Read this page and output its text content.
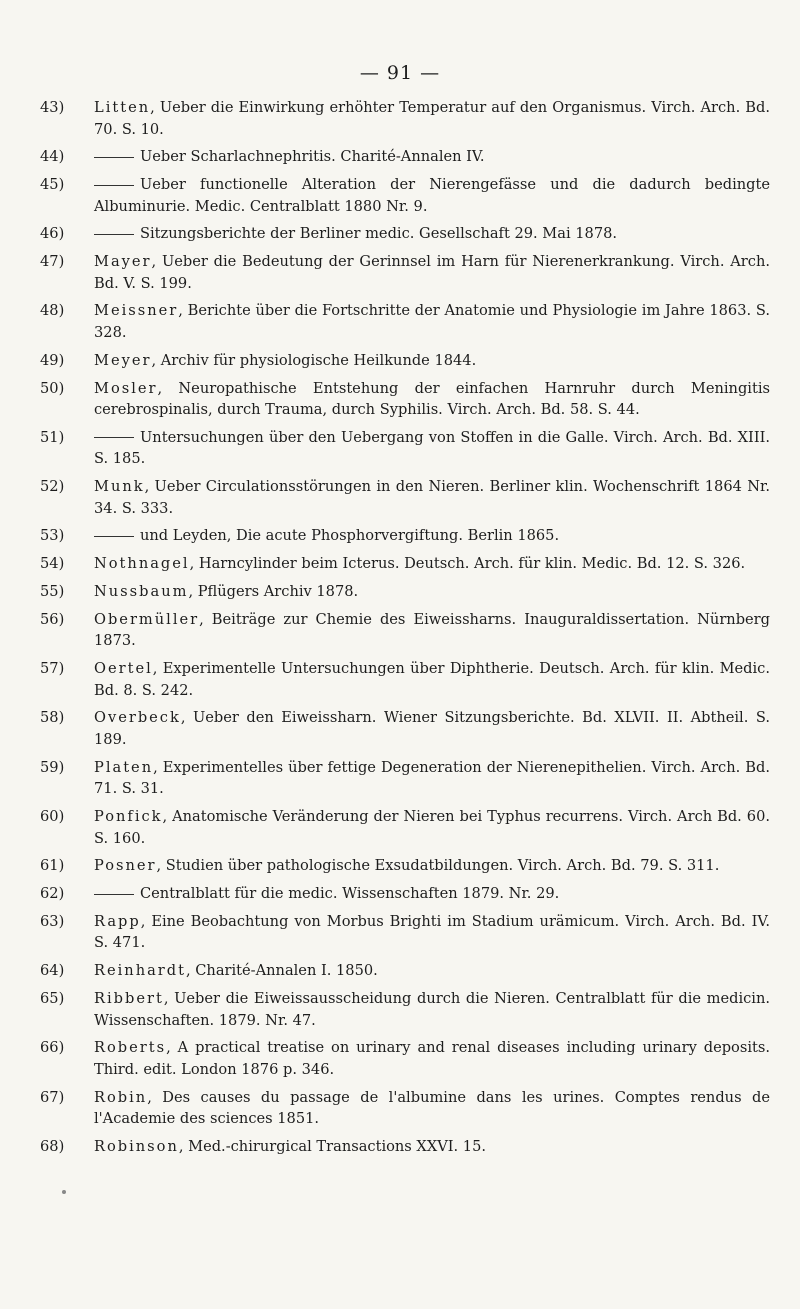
— 91 —
43) Litten, Ueber die Einwirkung erhöhter Temperatur auf den Organismus. Virch. Arch. Bd. 70. S. 10.
44)	Ueber Scharlachnephritis. Charité-Annalen IV.
45)	Ueber functionelle Alteration der Nierengefässe und die dadurch bedingte Albuminurie. Medic. Centralblatt 1880 Nr. 9.
46)	Sitzungsberichte der Berliner medic. Gesellschaft 29. Mai 1878.
47) Mayer, Ueber die Bedeutung der Gerinnsel im Harn für Nierenerkrankung. Virch. Arch. Bd. V. S. 199.
48) Meissner, Berichte über die Fortschritte der Anatomie und Physiologie im Jahre 1863. S. 328.
49) Meyer, Archiv für physiologische Heilkunde 1844.
50) Mosler, Neuropathische Entstehung der einfachen Harnruhr durch Meningitis cerebrospinalis, durch Trauma, durch Syphilis. Virch. Arch. Bd. 58. S. 44.
51)	Untersuchungen über den Uebergang von Stoffen in die Galle. Virch. Arch. Bd. XIII. S. 185.
52) Munk, Ueber Circulationsstörungen in den Nieren. Berliner klin. Wochenschrift 1864 Nr. 34. S. 333.
53)	und Leyden, Die acute Phosphorvergiftung. Berlin 1865.
54) Nothnagel, Harncylinder beim Icterus. Deutsch. Arch. für klin. Medic. Bd. 12. S. 326.
55) Nussbaum, Pflügers Archiv 1878.
56) Obermüller, Beiträge zur Chemie des Eiweissharns. Inauguraldissertation. Nürnberg 1873.
57) Oertel, Experimentelle Untersuchungen über Diphtherie. Deutsch. Arch. für klin. Medic. Bd. 8. S. 242.
58) Overbeck, Ueber den Eiweissharn. Wiener Sitzungsberichte. Bd. XLVII. II. Abtheil. S. 189.
59) Platen, Experimentelles über fettige Degeneration der Nierenepithelien. Virch. Arch. Bd. 71. S. 31.
60) Ponfick, Anatomische Veränderung der Nieren bei Typhus recurrens. Virch. Arch Bd. 60. S. 160.
61) Posner, Studien über pathologische Exsudatbildungen. Virch. Arch. Bd. 79. S. 311.
62)	Centralblatt für die medic. Wissenschaften 1879. Nr. 29.
63) Rapp, Eine Beobachtung von Morbus Brighti im Stadium urämicum. Virch. Arch. Bd. IV. S. 471.
64) Reinhardt, Charité-Annalen I. 1850.
65) Ribbert, Ueber die Eiweissausscheidung durch die Nieren. Centralblatt für die medicin. Wissenschaften. 1879. Nr. 47.
66) Roberts, A practical treatise on urinary and renal diseases including urinary deposits. Third. edit. London 1876 p. 346.
67) Robin, Des causes du passage de l'albumine dans les urines. Comptes rendus de l'Academie des sciences 1851.
68) Robinson, Med.-chirurgical Transactions XXVI. 15.
